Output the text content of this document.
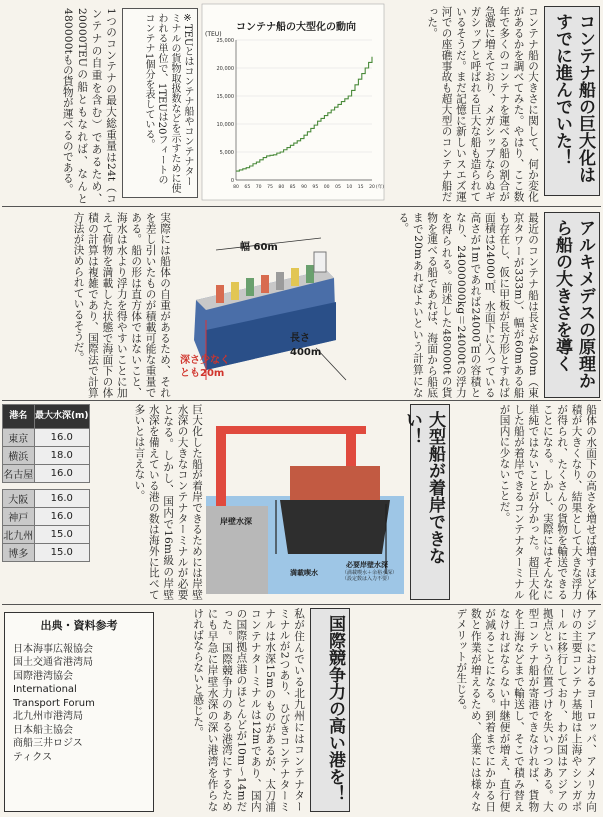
コンテナ船の巨大化はすでに進んでいた！
コンテナ船の大きさに関して、何か変化があるかを調べてみた。やはり、ここ数年で多くのコンテナを運べる船の割合が急激に増えており、メガシップならぬギガシップと呼ばれる巨大な船も造られているそうだ。まだ記憶に新しいスエズ運河での座礁事故も超大型のコンテナ船だった。
0
5,000
10,000
15,000
20,000
25,000
80 65 70 75 80 85 90 95 00 05 10 15 20 (年)
コンテナ船の大型化の動向
(TEU)
※TEUとはコンテナ船やコンテナターミナルの貨物取扱数などを示すために使われる単位で、1TEUは20フィートのコンテナ1個分を表している。
1つのコンテナの最大総重量は24t（コンテナの自重を含む）であるため、20000TEUの船ともなれば、なんと480000tもの貨物が運べるのである。
アルキメデスの原理から船の大きさを導く
最近のコンテナ船は長さが400m（東京タワーが333m）、幅が60mある船も存在し、仮に甲板が長方形とすれば面積は24000㎡、水面下に入っている高さが1mであれば24000㎥の容積となり、24000000kg＝24000tの浮力を得られる。前述した480000tの貨物を運べる船であれば、海面から船底まで20mあればよいという計算になる。
幅 60m
長さ400m
深さ少なくとも20m
実際には船体の自重があるため、それを差し引いたものが積載可能な重量である。船の形は直方体ではないこと、海水は水より浮力を得やすいことに加えて荷物を満載した状態で海面下の体積の計算は複雑であり、国際法で計算方法が決められているそうだ。
船体の水面下の高さを増せば増すほど体積が大きくなり、結果として大きな浮力が得られ、たくさんの貨物を輸送できることになる。しかし、実際にはそんなに単純ではないことが分かった。超巨大化した船が着岸できるコンテナターミナルが国内に少ないことだ。
大型船が着岸できない！
岸壁水深
満載喫水
必要岸壁水深
（満載喫水＋余裕水深）（設定数は入力不要）
巨大化した船が着岸できるためには岸壁水深の大きなコンテナターミナルが必要となる。しかし、国内で16m級の岸壁水深を備えている港の数は海外に比べて多いとは言えない。
港名	最大水深(m)
東京	16.0
横浜	18.0
名古屋	16.0

大阪	16.0
神戸	16.0
北九州	15.0
博多	15.0
アジアにおけるヨーロッパ、アメリカ向けの主要コンテナ基地は上海やシンガポールに移行しており、わが国はアジアの拠点という位置づけを失いつつある。大型コンテナ船が寄港できなければ、貨物を上海などまで輸送し、そこで積み替えなければならない中継便が増え、直行便が減ることになる。到着までにかかる日数と作業が増えるため、企業には様々なデメリットが生じる。
国際競争力の高い港を！
私が住んでいる北九州にはコンテナターミナルが2つあり、ひびきコンテナターミナルは水深15mのものがあるが、太刀浦コンテナターミナルは12mであり、国内の国際拠点港のほとんどが10m〜14mだった。国際競争力のある港湾にするためにも早急に岸壁水深の深い港湾を作らなければならないと感じた。
出典・資料参考
日本海事広報協会
国土交通省港湾局
国際港湾協会
International
Transport Forum
北九州市港湾局
日本船主協会
商船三井ロジス
ティクス
